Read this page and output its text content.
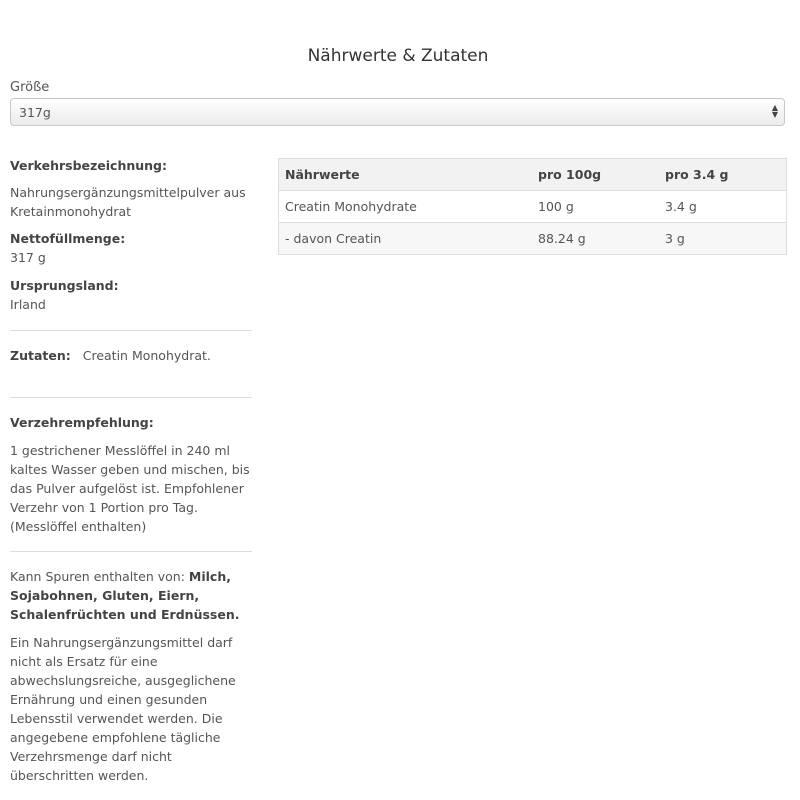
Nährwerte & Zutaten
Größe
317g	▲
▼
Verkehrsbezeichnung:
Nahrungsergänzungsmittelpulver aus Kretainmonohydrat
Nettofüllmenge:
317 g
Ursprungsland:
Irland
Zutaten: Creatin Monohydrat.
Verzehrempfehlung:
1 gestrichener Messlöffel in 240 ml kaltes Wasser geben und mischen, bis das Pulver aufgelöst ist. Empfohlener Verzehr von 1 Portion pro Tag. (Messlöffel enthalten)
Kann Spuren enthalten von: Milch, Sojabohnen, Gluten, Eiern, Schalenfrüchten und Erdnüssen.
Ein Nahrungsergänzungsmittel darf nicht als Ersatz für eine abwechslungsreiche, ausgeglichene Ernährung und einen gesunden Lebensstil verwendet werden. Die angegebene empfohlene tägliche Verzehrsmenge darf nicht überschritten werden.
Nährwerte	pro 100g	pro 3.4 g
Creatin Monohydrate	100 g	3.4 g
- davon Creatin	88.24 g	3 g
